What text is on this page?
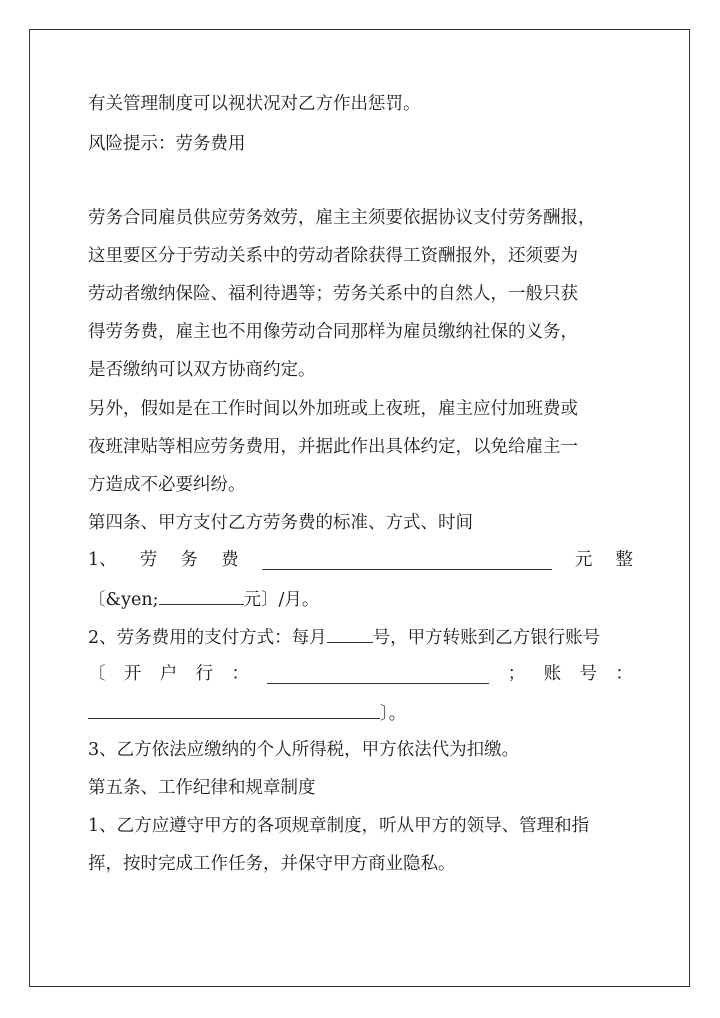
有关管理制度可以视状况对乙方作出惩罚。
风险提示：劳务费用
劳务合同雇员供应劳务效劳，雇主主须要依据协议支付劳务酬报，
这里要区分于劳动关系中的劳动者除获得工资酬报外，还须要为
劳动者缴纳保险、福利待遇等；劳务关系中的自然人，一般只获
得劳务费，雇主也不用像劳动合同那样为雇员缴纳社保的义务，
是否缴纳可以双方协商约定。
另外，假如是在工作时间以外加班或上夜班，雇主应付加班费或
夜班津贴等相应劳务费用，并据此作出具体约定，以免给雇主一
方造成不必要纠纷。
第四条、甲方支付乙方劳务费的标准、方式、时间
1、 劳 务 费	元 整
〔&yen;	元〕/月。
2、劳务费用的支付方式：每月	号，甲方转账到乙方银行账号
〔 开 户 行 ：	； 账 号 ：
〕。
3、乙方依法应缴纳的个人所得税，甲方依法代为扣缴。
第五条、工作纪律和规章制度
1、乙方应遵守甲方的各项规章制度，听从甲方的领导、管理和指
挥，按时完成工作任务，并保守甲方商业隐私。
